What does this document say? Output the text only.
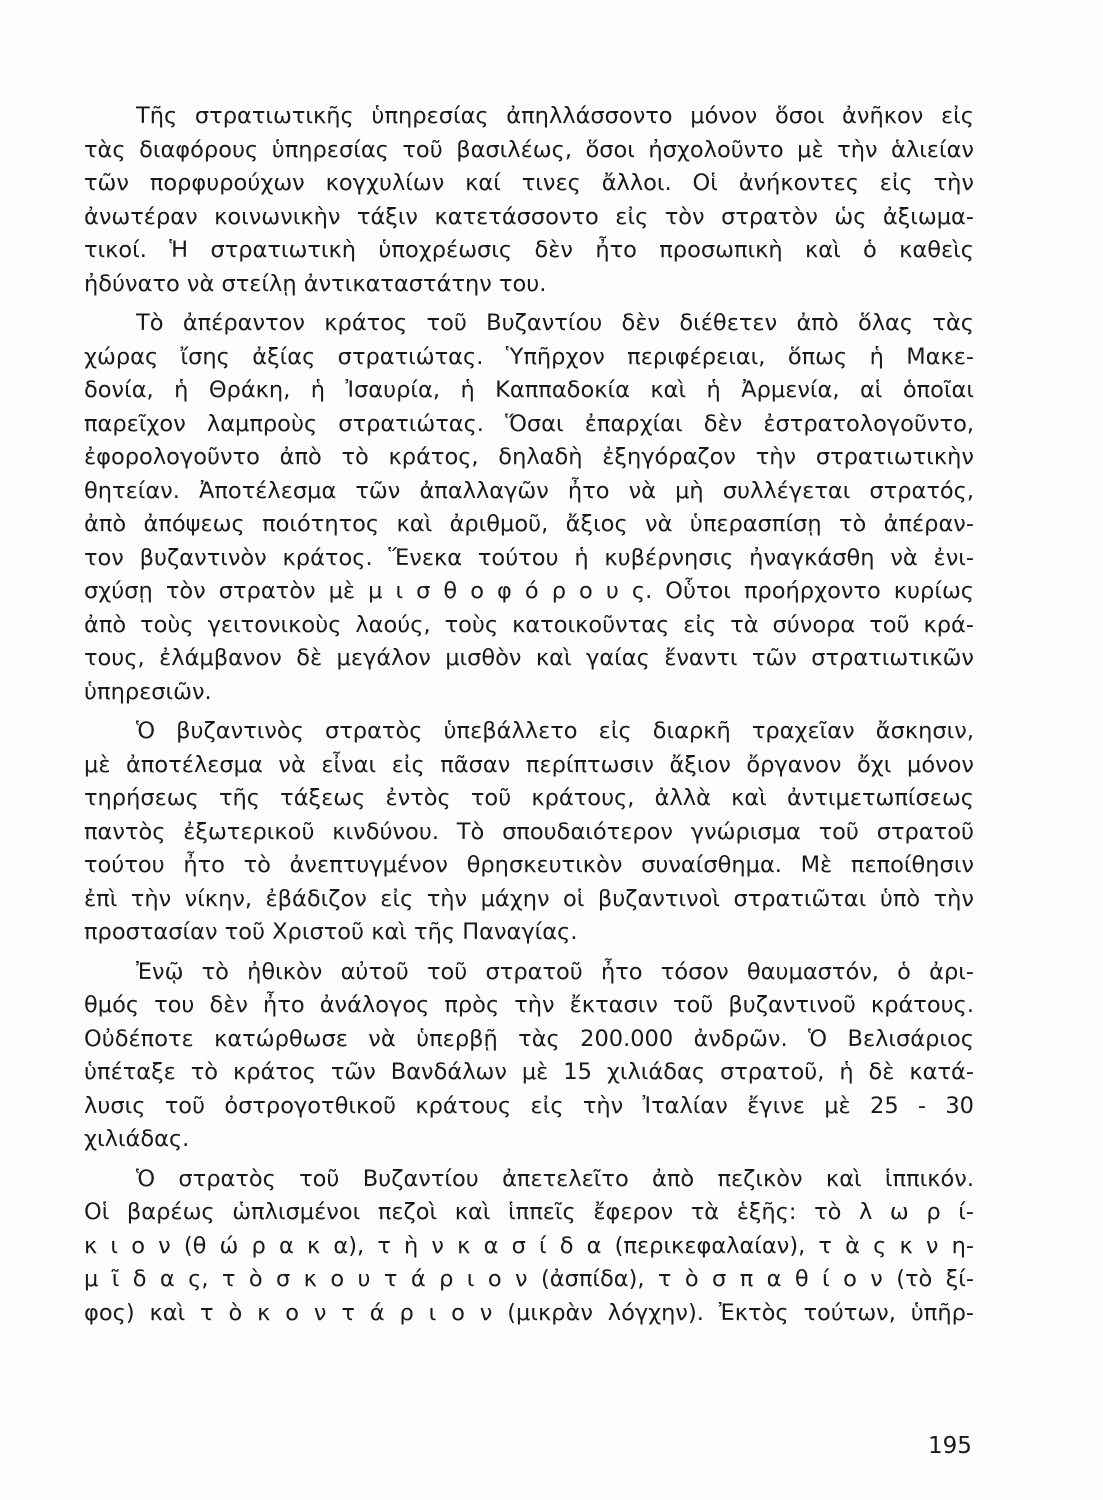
Τῆς στρατιωτικῆς ὑπηρεσίας ἀπηλλάσσοντο μόνον ὅσοι ἀνῆκον εἰς
τὰς διαφόρους ὑπηρεσίας τοῦ βασιλέως, ὅσοι ἠσχολοῦντο μὲ τὴν ἁλιείαν
τῶν πορφυρούχων κογχυλίων καί τινες ἄλλοι. Οἱ ἀνήκοντες εἰς τὴν
ἀνωτέραν κοινωνικὴν τάξιν κατετάσσοντο εἰς τὸν στρατὸν ὡς ἀξιωμα-
τικοί. Ἡ στρατιωτικὴ ὑποχρέωσις δὲν ἦτο προσωπικὴ καὶ ὁ καθεὶς
ἠδύνατο νὰ στείλῃ ἀντικαταστάτην του.
Τὸ ἀπέραντον κράτος τοῦ Βυζαντίου δὲν διέθετεν ἀπὸ ὅλας τὰς
χώρας ἴσης ἀξίας στρατιώτας. Ὑπῆρχον περιφέρειαι, ὅπως ἡ Μακε-
δονία, ἡ Θράκη, ἡ Ἰσαυρία, ἡ Καππαδοκία καὶ ἡ Ἀρμενία, αἱ ὁποῖαι
παρεῖχον λαμπροὺς στρατιώτας. Ὅσαι ἐπαρχίαι δὲν ἐστρατολογοῦντο,
ἐφορολογοῦντο ἀπὸ τὸ κράτος, δηλαδὴ ἐξηγόραζον τὴν στρατιωτικὴν
θητείαν. Ἀποτέλεσμα τῶν ἀπαλλαγῶν ἦτο νὰ μὴ συλλέγεται στρατός,
ἀπὸ ἀπόψεως ποιότητος καὶ ἀριθμοῦ, ἄξιος νὰ ὑπερασπίσῃ τὸ ἀπέραν-
τον βυζαντινὸν κράτος. Ἕνεκα τούτου ἡ κυβέρνησις ἠναγκάσθη νὰ ἐνι-
σχύσῃ τὸν στρατὸν μὲ μ ι σ θ ο φ ό ρ ο υ ς. Οὗτοι προήρχοντο κυρίως
ἀπὸ τοὺς γειτονικοὺς λαούς, τοὺς κατοικοῦντας εἰς τὰ σύνορα τοῦ κρά-
τους, ἐλάμβανον δὲ μεγάλον μισθὸν καὶ γαίας ἔναντι τῶν στρατιωτικῶν
ὑπηρεσιῶν.
Ὁ βυζαντινὸς στρατὸς ὑπεβάλλετο εἰς διαρκῆ τραχεῖαν ἄσκησιν,
μὲ ἀποτέλεσμα νὰ εἶναι εἰς πᾶσαν περίπτωσιν ἄξιον ὄργανον ὄχι μόνον
τηρήσεως τῆς τάξεως ἐντὸς τοῦ κράτους, ἀλλὰ καὶ ἀντιμετωπίσεως
παντὸς ἐξωτερικοῦ κινδύνου. Τὸ σπουδαιότερον γνώρισμα τοῦ στρατοῦ
τούτου ἦτο τὸ ἀνεπτυγμένον θρησκευτικὸν συναίσθημα. Μὲ πεποίθησιν
ἐπὶ τὴν νίκην, ἐβάδιζον εἰς τὴν μάχην οἱ βυζαντινοὶ στρατιῶται ὑπὸ τὴν
προστασίαν τοῦ Χριστοῦ καὶ τῆς Παναγίας.
Ἐνῷ τὸ ἠθικὸν αὐτοῦ τοῦ στρατοῦ ἦτο τόσον θαυμαστόν, ὁ ἀρι-
θμός του δὲν ἦτο ἀνάλογος πρὸς τὴν ἔκτασιν τοῦ βυζαντινοῦ κράτους.
Οὐδέποτε κατώρθωσε νὰ ὑπερβῇ τὰς 200.000 ἀνδρῶν. Ὁ Βελισάριος
ὑπέταξε τὸ κράτος τῶν Βανδάλων μὲ 15 χιλιάδας στρατοῦ, ἡ δὲ κατά-
λυσις τοῦ ὀστρογοτθικοῦ κράτους εἰς τὴν Ἰταλίαν ἔγινε μὲ 25 - 30
χιλιάδας.
Ὁ στρατὸς τοῦ Βυζαντίου ἀπετελεῖτο ἀπὸ πεζικὸν καὶ ἱππικόν.
Οἱ βαρέως ὡπλισμένοι πεζοὶ καὶ ἱππεῖς ἔφερον τὰ ἑξῆς: τὸ λ ω ρ ί-
κ ι ο ν (θ ώ ρ α κ α), τ ὴ ν κ α σ ί δ α (περικεφαλαίαν), τ ὰ ς κ ν η-
μ ῖ δ α ς, τ ὸ σ κ ο υ τ ά ρ ι ο ν (ἀσπίδα), τ ὸ σ π α θ ί ο ν (τὸ ξί-
φος) καὶ τ ὸ κ ο ν τ ά ρ ι ο ν (μικρὰν λόγχην). Ἐκτὸς τούτων, ὑπῆρ-
195
